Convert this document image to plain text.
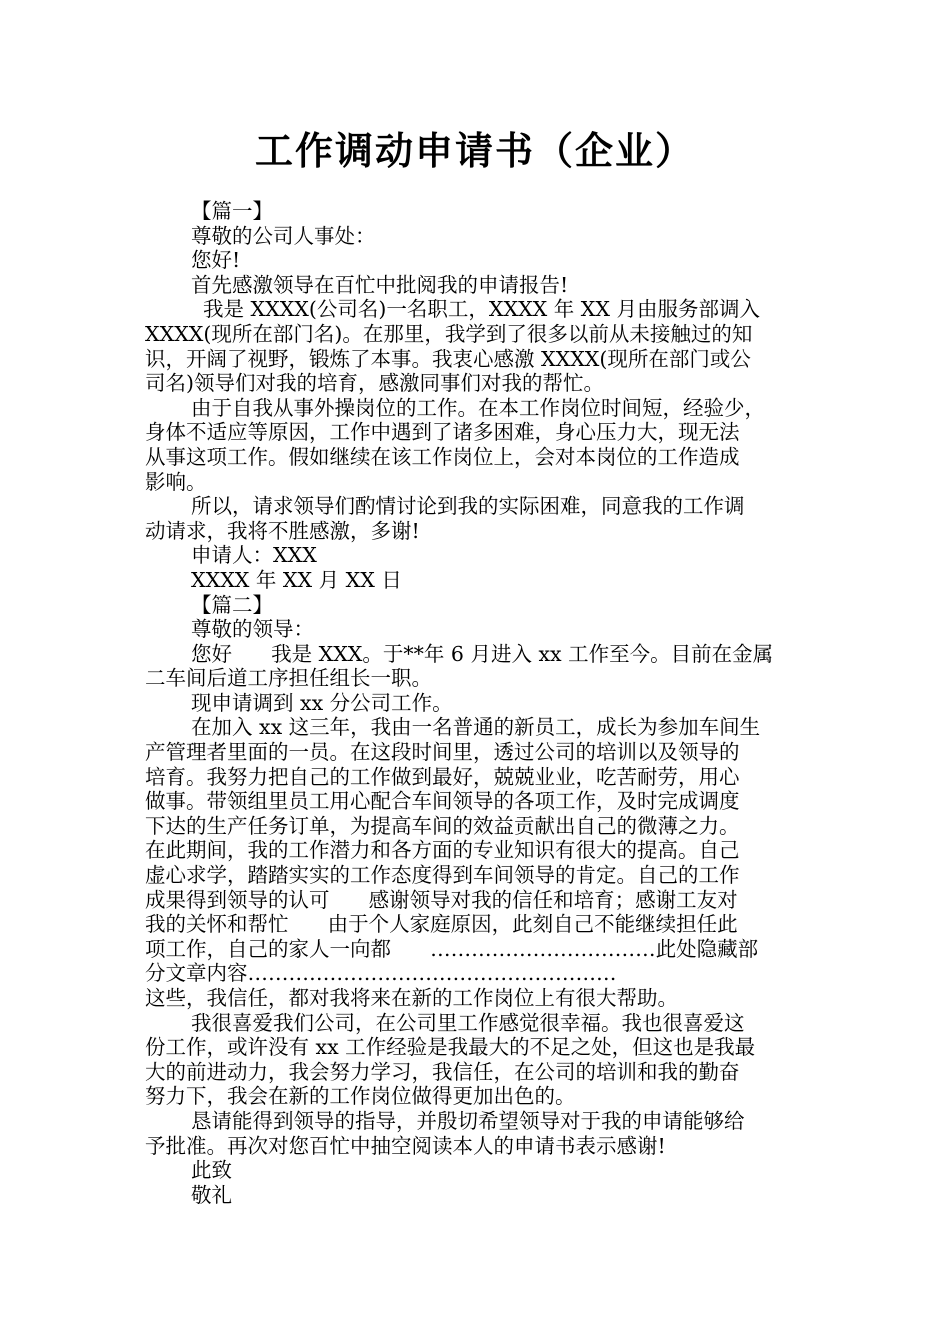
工作调动申请书（企业）
【篇一】
尊敬的公司人事处：
您好!
首先感激领导在百忙中批阅我的申请报告!
我是 XXXX(公司名)一名职工，XXXX 年 XX 月由服务部调入
XXXX(现所在部门名)。在那里，我学到了很多以前从未接触过的知
识，开阔了视野，锻炼了本事。我衷心感激 XXXX(现所在部门或公
司名)领导们对我的培育，感激同事们对我的帮忙。
由于自我从事外操岗位的工作。在本工作岗位时间短，经验少，
身体不适应等原因，工作中遇到了诸多困难，身心压力大，现无法
从事这项工作。假如继续在该工作岗位上，会对本岗位的工作造成
影响。
所以，请求领导们酌情讨论到我的实际困难，同意我的工作调
动请求，我将不胜感激，多谢!
申请人：XXX
XXXX 年 XX 月 XX 日
【篇二】
尊敬的领导：
您好      我是 XXX。于**年 6 月进入 xx 工作至今。目前在金属
二车间后道工序担任组长一职。
现申请调到 xx 分公司工作。
在加入 xx 这三年，我由一名普通的新员工，成长为参加车间生
产管理者里面的一员。在这段时间里，透过公司的培训以及领导的
培育。我努力把自己的工作做到最好，兢兢业业，吃苦耐劳，用心
做事。带领组里员工用心配合车间领导的各项工作，及时完成调度
下达的生产任务订单，为提高车间的效益贡献出自己的微薄之力。
在此期间，我的工作潜力和各方面的专业知识有很大的提高。自己
虚心求学，踏踏实实的工作态度得到车间领导的肯定。自己的工作
成果得到领导的认可      感谢领导对我的信任和培育；感谢工友对
我的关怀和帮忙      由于个人家庭原因，此刻自己不能继续担任此
项工作，自己的家人一向都      ……………………………此处隐藏部
分文章内容………………………………………………
这些，我信任，都对我将来在新的工作岗位上有很大帮助。
我很喜爱我们公司，在公司里工作感觉很幸福。我也很喜爱这
份工作，或许没有 xx 工作经验是我最大的不足之处，但这也是我最
大的前进动力，我会努力学习，我信任，在公司的培训和我的勤奋
努力下，我会在新的工作岗位做得更加出色的。
恳请能得到领导的指导，并殷切希望领导对于我的申请能够给
予批准。再次对您百忙中抽空阅读本人的申请书表示感谢!
此致
敬礼
